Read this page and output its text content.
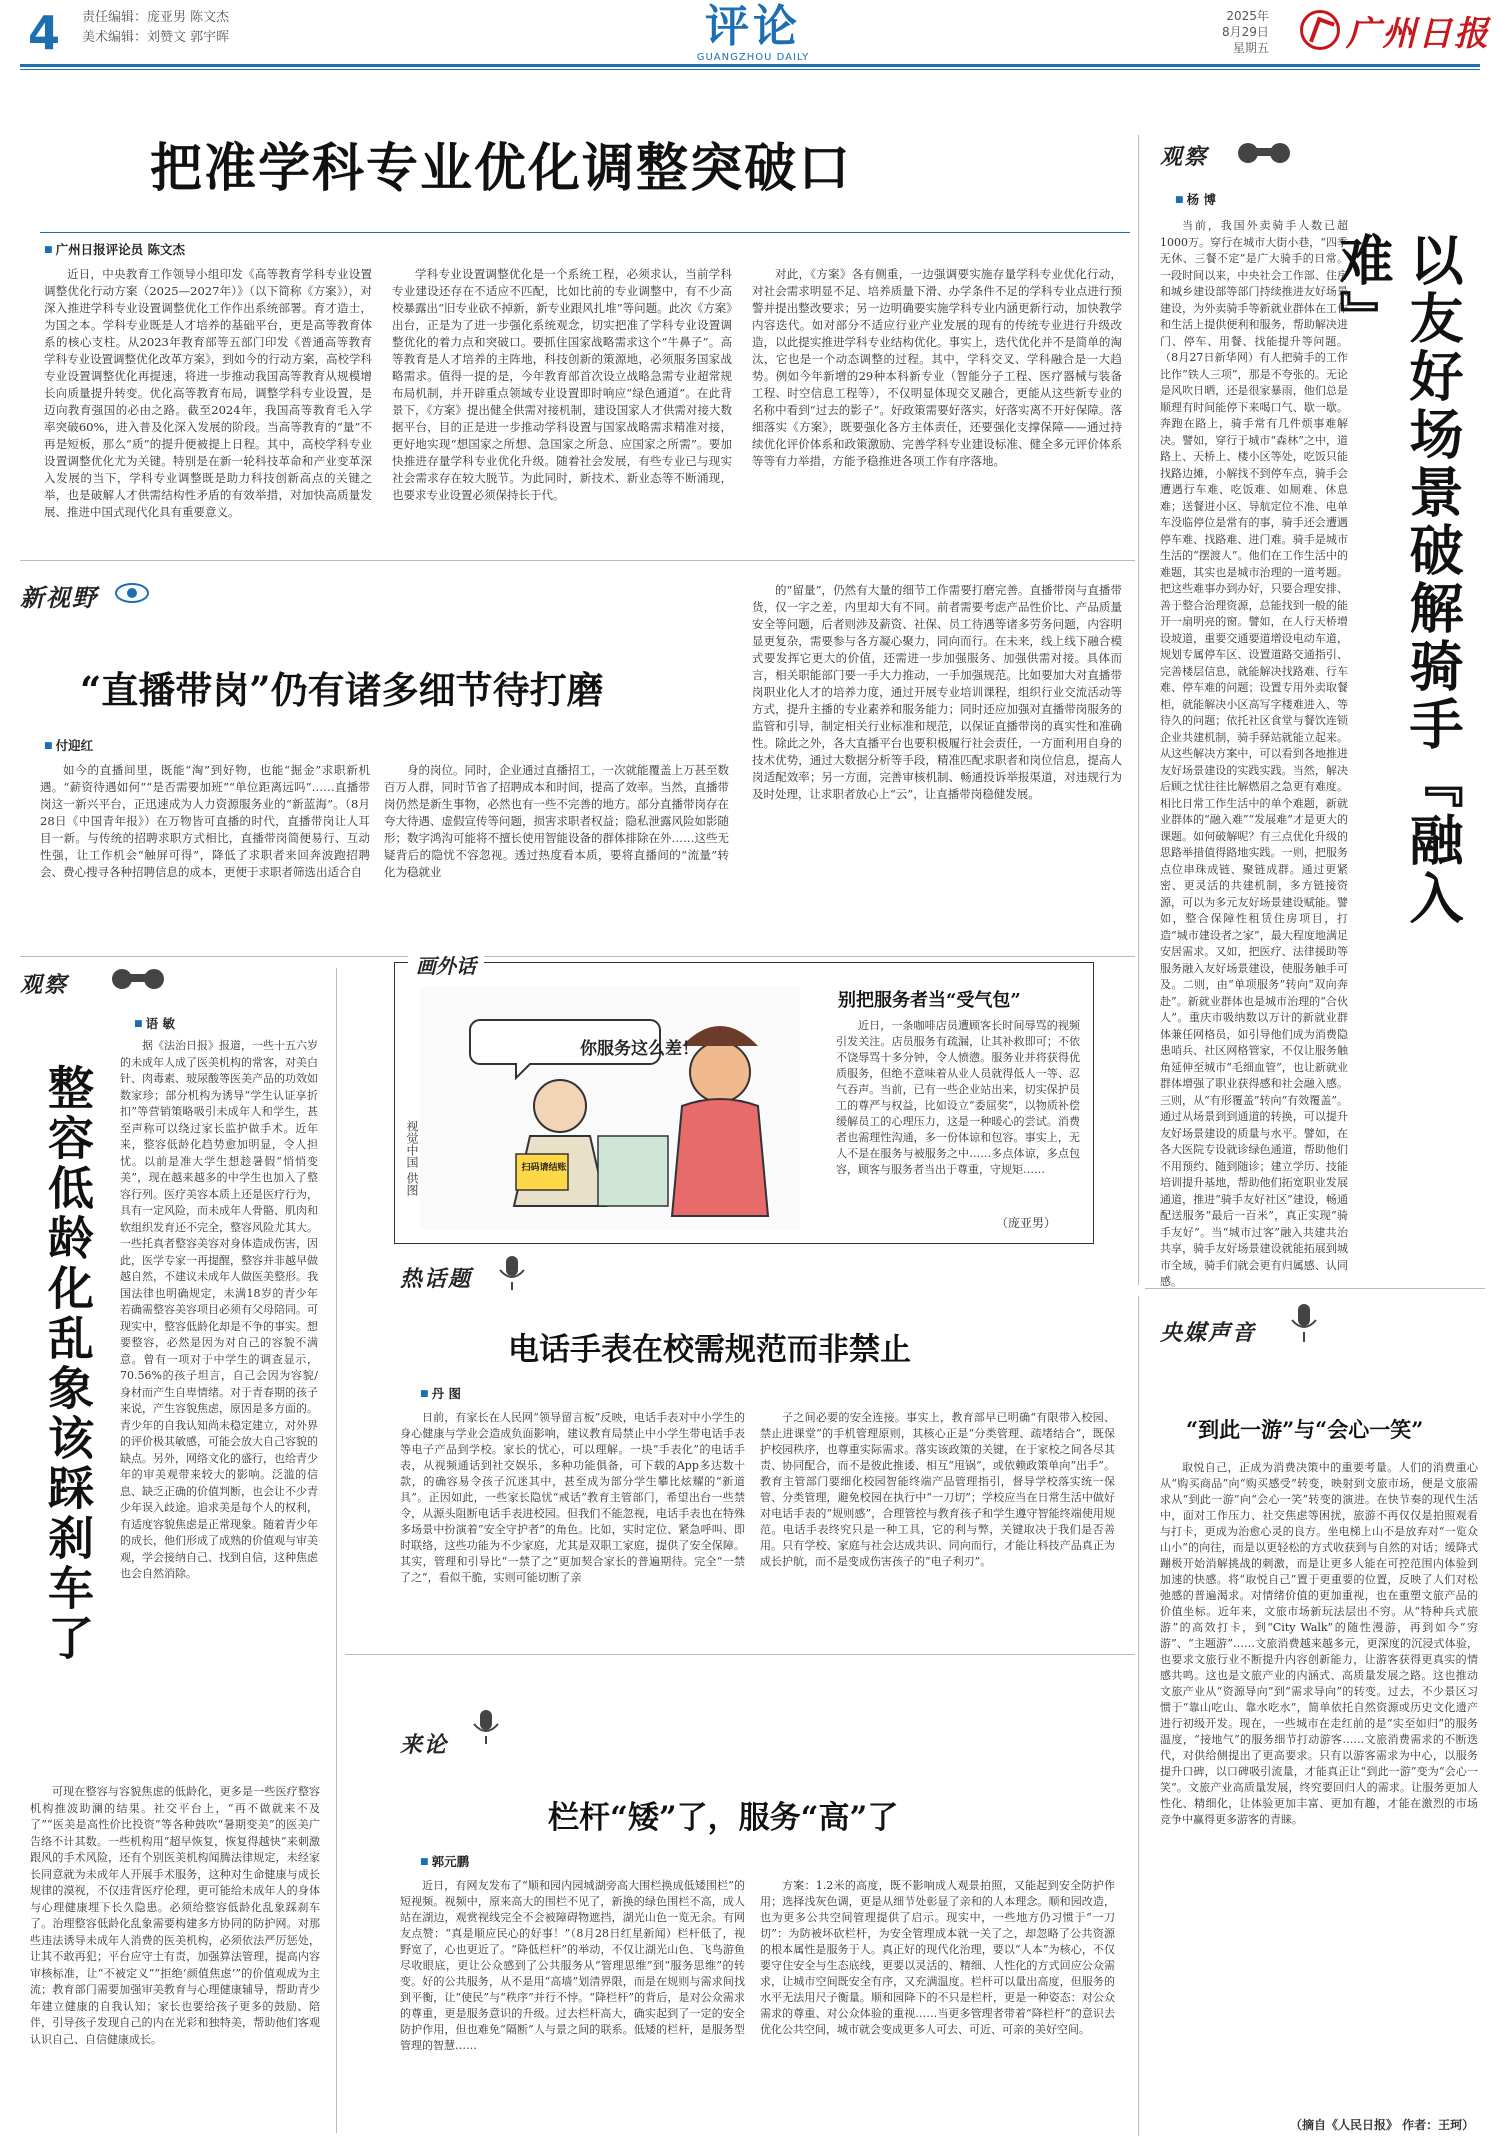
4 责任编辑：庞亚男 陈文杰
美术编辑：刘赞文 郭宇晖	评论
GUANGZHOU DAILY
2025年
8月29日
星期五 广州日报
把准学科专业优化调整突破口
■ 广州日报评论员 陈文杰
近日，中央教育工作领导小组印发《高等教育学科专业设置调整优化行动方案（2025—2027年）》（以下简称《方案》），对深入推进学科专业设置调整优化工作作出系统部署。育才造士，为国之本。学科专业既是人才培养的基础平台，更是高等教育体系的核心支柱。从2023年教育部等五部门印发《普通高等教育学科专业设置调整优化改革方案》，到如今的行动方案，高校学科专业设置调整优化再提速，将进一步推动我国高等教育从规模增长向质量提升转变。优化高等教育布局，调整学科专业设置，是迈向教育强国的必由之路。截至2024年，我国高等教育毛入学率突破60%，进入普及化深入发展的阶段。当高等教育的“量”不再是短板，那么“质”的提升便被提上日程。其中，高校学科专业设置调整优化尤为关键。特别是在新一轮科技革命和产业变革深入发展的当下，学科专业调整既是助力科技创新高点的关键之举，也是破解人才供需结构性矛盾的有效举措，对加快高质量发展、推进中国式现代化具有重要意义。
学科专业设置调整优化是一个系统工程，必须求认，当前学科专业建设还存在不适应不匹配，比如比前的专业调整中，有不少高校暴露出“旧专业砍不掉新，新专业跟风扎堆”等问题。此次《方案》出台，正是为了进一步强化系统观念，切实把准了学科专业设置调整优化的着力点和突破口。要抓住国家战略需求这个“牛鼻子”。高等教育是人才培养的主阵地，科技创新的策源地，必须服务国家战略需求。值得一提的是，今年教育部首次设立战略急需专业超常规布局机制，并开辟重点领域专业设置即时响应“绿色通道”。在此背景下，《方案》提出健全供需对接机制，建设国家人才供需对接大数据平台，目的正是进一步推动学科设置与国家战略需求精准对接，更好地实现“想国家之所想、急国家之所急、应国家之所需”。要加快推进存量学科专业优化升级。随着社会发展，有些专业已与现实社会需求存在较大脱节。为此同时，新技术、新业态等不断涌现，也要求专业设置必须保持长于代。
对此，《方案》各有侧重，一边强调要实施存量学科专业优化行动，对社会需求明显不足、培养质量下滑、办学条件不足的学科专业点进行预警并提出整改要求；另一边明确要实施学科专业内涵更新行动，加快教学内容迭代。如对部分不适应行业产业发展的现有的传统专业进行升级改造，以此提实推进学科专业结构优化。事实上，迭代优化并不是简单的淘汰，它也是一个动态调整的过程。其中，学科交叉、学科融合是一大趋势。例如今年新增的29种本科新专业（智能分子工程、医疗器械与装备工程、时空信息工程等），不仅明显体现交叉融合，更能从这些新专业的名称中看到“过去的影子”。好政策需要好落实，好落实离不开好保障。落细落实《方案》，既要强化各方主体责任，还要强化支撑保障——通过持续优化评价体系和政策激励、完善学科专业建设标准、健全多元评价体系等等有力举措，方能予稳推进各项工作有序落地。
新视野
“直播带岗”仍有诸多细节待打磨
■ 付迎红
如今的直播间里，既能“淘”到好物，也能“掘金”求职新机遇。“薪资待遇如何”“是否需要加班”“单位距离远吗”……直播带岗这一新兴平台，正迅速成为人力资源服务业的“新蓝海”。（8月28日《中国青年报》）在万物皆可直播的时代，直播带岗让人耳目一新。与传统的招聘求职方式相比，直播带岗简便易行、互动性强，让工作机会“触屏可得”，降低了求职者来回奔波跑招聘会、费心搜寻各种招聘信息的成本，更便于求职者筛选出适合自
身的岗位。同时，企业通过直播招工，一次就能覆盖上万甚至数百万人群，同时节省了招聘成本和时间，提高了效率。当然，直播带岗仍然是新生事物，必然也有一些不完善的地方。部分直播带岗存在夸大待遇、虚假宣传等问题，损害求职者权益；隐私泄露风险如影随形；数字鸿沟可能将不擅长使用智能设备的群体排除在外……这些无疑背后的隐忧不容忽视。透过热度看本质，要将直播间的“流量”转化为稳就业
的“留量”，仍然有大量的细节工作需要打磨完善。直播带岗与直播带货，仅一字之差，内里却大有不同。前者需要考虑产品性价比、产品质量安全等问题，后者则涉及薪资、社保、员工待遇等诸多劳务问题，内容明显更复杂，需要参与各方凝心聚力，同向而行。在未来，线上线下融合模式要发挥它更大的价值，还需进一步加强服务、加强供需对接。具体而言，相关职能部门要一手大力推动，一手加强规范。比如要加大对直播带岗职业化人才的培养力度，通过开展专业培训课程，组织行业交流活动等方式，提升主播的专业素养和服务能力；同时还应加强对直播带岗服务的监管和引导，制定相关行业标准和规范，以保证直播带岗的真实性和准确性。除此之外，各大直播平台也要积极履行社会责任，一方面利用自身的技术优势，通过大数据分析等手段，精准匹配求职者和岗位信息，提高人岗适配效率；另一方面，完善审核机制、畅通投诉举报渠道，对违规行为及时处理，让求职者放心上“云”，让直播带岗稳健发展。
观察
■ 杨 博
当前，我国外卖骑手人数已超1000万。穿行在城市大街小巷，“四季无休、三餐不定”是广大骑手的日常。一段时间以来，中央社会工作部、住房和城乡建设部等部门持续推进友好场景建设，为外卖骑手等新就业群体在工作和生活上提供便利和服务，帮助解决进门、停车、用餐、找能提升等问题。（8月27日新华网）有人把骑手的工作比作“铁人三项”，那是不夸张的。无论是风吹日晒，还是很家暴雨，他们总是顺理有时间能停下来喝口气、歇一歇。奔跑在路上，骑手常有几件烦事难解决。譬如，穿行于城市“森林”之中，道路上、天桥上、楼小区等处，吃饭只能找路边摊，小解找不到停车点，骑手会遭遇行车难、吃饭难、如厕难、休息难；送餐进小区、导航定位不准、电单车没临停位是常有的事，骑手还会遭遇停车难、找路难、进门难。骑手是城市生活的“摆渡人”。他们在工作生活中的难题，其实也是城市治理的一道考题。把这些难事办到办好，只要合理安排、善于整合治理资源，总能找到一般的能开一扇明亮的窗。譬如，在人行天桥增设坡道，重要交通要道增设电动车道，规划专属停车区、设置道路交通指引、完善楼层信息，就能解决找路难、行车难、停车难的问题；设置专用外卖取餐柜，就能解决小区高写字楼难进入、等待久的问题；依托社区食堂与餐饮连锁企业共建机制，骑手驿站就能立起来。从这些解决方案中，可以看到各地推进友好场景建设的实践实践。当然，解决后顾之忧往往比解燃眉之急更有难度。相比日常工作生活中的单个难题，新就业群体的“融入难”“发展难”才是更大的课题。如何破解呢？有三点优化升级的思路举措值得路地实践。一则，把服务点位串珠成链、聚链成群。通过更紧密、更灵活的共建机制，多方链接资源，可以为多元友好场景建设赋能。譬如，整合保障性租赁住房项目，打造“城市建设者之家”，最大程度地满足安居需求。又如，把医疗、法律援助等服务融入友好场景建设，使服务触手可及。二则，由“单项服务”转向“双向奔赴”。新就业群体也是城市治理的“合伙人”。重庆市吸纳数以万计的新就业群体兼任网格员，如引导他们成为消费隐患哨兵、社区网格管家，不仅让服务触角延伸至城市“毛细血管”，也让新就业群体增强了职业获得感和社会融入感。三则，从“有形覆盖”转向“有效覆盖”。通过从场景到到通道的转换，可以提升友好场景建设的质量与水平。譬如，在各大医院专设就诊绿色通道，帮助他们不用预约、随到随诊；建立学历、技能培训提升基地，帮助他们拓宽职业发展通道，推进“骑手友好社区”建设，畅通配送服务“最后一百米”，真正实现“骑手友好”。当“城市过客”融入共建共治共享，骑手友好场景建设就能拓展到城市全域，骑手们就会更有归属感、认同感。
以友好场景破解骑手『融入难』
观察
■ 语 敏
整容低龄化乱象该踩刹车了
据《法治日报》报道，一些十五六岁的未成年人成了医美机构的常客，对美白针、肉毒素、玻尿酸等医美产品的功效如数家珍；部分机构为诱导“学生认证享折扣”等营销策略吸引未成年人和学生，甚至声称可以绕过家长监护做手术。近年来，整容低龄化趋势愈加明显，令人担忧。以前是准大学生想趁暑假“悄悄变美”，现在越来越多的中学生也加入了整容行列。医疗美容本质上还是医疗行为，具有一定风险，而未成年人骨骼、肌肉和软组织发育还不完全，整容风险尤其大。一些托真者整容美容对身体造成伤害，因此，医学专家一再提醒，整容并非越早做越自然，不建议未成年人做医美整形。我国法律也明确规定，未满18岁的青少年若确需整容美容项目必须有父母陪同。可现实中，整容低龄化却是不争的事实。想要整容，必然是因为对自己的容貌不满意。曾有一项对于中学生的调查显示，70.56%的孩子坦言，自己会因为容貌/身材而产生自卑情绪。对于青春期的孩子来说，产生容貌焦虑，原因是多方面的。青少年的自我认知尚未稳定建立，对外界的评价极其敏感，可能会放大自己容貌的缺点。另外，网络文化的盛行，也给青少年的审美观带来较大的影响。泛滥的信息、缺乏正确的价值判断，也会让不少青少年误入歧途。追求美是每个人的权利，有适度容貌焦虑是正常现象。随着青少年的成长，他们形成了成熟的价值观与审美观，学会接纳自己、找到自信，这种焦虑也会自然消除。
可现在整容与容貌焦虑的低龄化，更多是一些医疗整容机构推波助澜的结果。社交平台上，“再不做就来不及了”“医美是高性价比投资”等各种鼓吹“暑期变美”的医美广告络不计其数。一些机构用“超早恢复，恢复得越快”来刺激跟风的手术风险，还有个别医美机构闻腾法律规定，未经家长同意就为未成年人开展手术服务，这种对生命健康与成长规律的漠视，不仅违背医疗伦理，更可能给未成年人的身体与心理健康埋下长久隐患。必须给整容低龄化乱象踩刹车了。治理整容低龄化乱象需要构建多方协同的防护网。对那些违法诱导未成年人消费的医美机构，必须依法严厉惩处，让其不敢再犯；平台应守土有责，加强算法管理，提高内容审核标准，让“不被定义”“拒绝‘颜值焦虑’”的价值观成为主流；教育部门需要加强审美教育与心理健康辅导，帮助青少年建立健康的自我认知；家长也要给孩子更多的鼓励、陪伴，引导孩子发现自己的内在光彩和独特美，帮助他们客观认识自己、自信健康成长。
画外话
你服务这么差！
扫码请结账
视觉中国 供图
别把服务者当“受气包”
近日，一条咖啡店员遭顾客长时间辱骂的视频引发关注。店员服务有疏漏，让其补救即可；不依不饶辱骂十多分钟，令人愤懑。服务业并将获得优质服务，但绝不意味着从业人员就得低人一等、忍气吞声。当前，已有一些企业站出来，切实保护员工的尊严与权益，比如设立“委屈奖”，以物质补偿缓解员工的心理压力，这是一种暖心的尝试。消费者也需理性沟通，多一份体谅和包容。事实上，无人不是在服务与被服务之中……多点体谅，多点包容，顾客与服务者当出于尊重，守规矩……
（庞亚男）
热话题
电话手表在校需规范而非禁止
■ 丹 图
日前，有家长在人民网“领导留言板”反映，电话手表对中小学生的身心健康与学业会造成负面影响，建议教育局禁止中小学生带电话手表等电子产品到学校。家长的忧心，可以理解。一块“手表化”的电话手表，从视频通话到社交娱乐，多种功能俱备，可下载的App多达数十款，的确容易令孩子沉迷其中，甚至成为部分学生攀比炫耀的“新道具”。正因如此，一些家长隐忧“戒话”教育主管部门，希望出台一些禁令，从源头阻断电话手表进校园。但我们不能忽视，电话手表也在特殊多场景中扮演着“安全守护者”的角色。比如，实时定位、紧急呼叫、即时联络，这些功能为不少家庭，尤其是双职工家庭，提供了安全保障。其实，管理和引导比“一禁了之”更加契合家长的普遍期待。完全“一禁了之”，看似干脆，实则可能切断了亲
子之间必要的安全连接。事实上，教育部早已明确“有限带入校园、禁止进课堂”的手机管理原则，其核心正是“分类管理、疏堵结合”，既保护校园秩序，也尊重实际需求。落实该政策的关键，在于家校之间各尽其责、协同配合，而不是彼此推诿、相互“甩锅”，或依赖政策单向“出手”。教育主管部门要细化校园智能终端产品管理指引，督导学校落实统一保管、分类管理，避免校园在执行中“一刀切”；学校应当在日常生活中做好对电话手表的“规则感”，合理管控与教育孩子和学生遵守智能终端使用规范。电话手表终究只是一种工具，它的利与弊，关键取决于我们是否善用。只有学校、家庭与社会达成共识、同向而行，才能让科技产品真正为成长护航，而不是变成伤害孩子的“电子利刃”。
来论
栏杆“矮”了，服务“高”了
■ 郭元鹏
近日，有网友发布了“顺和园内园城湖旁高大围栏换成低矮围栏”的短视频。视频中，原来高大的围栏不见了，新换的绿色围栏不高，成人站在湖边，观赏视线完全不会被障碍物遮挡，湖光山色一览无余。有网友点赞：“真是顺应民心的好事！”（8月28日红星新闻）栏杆低了，视野宽了，心也更近了。“降低栏杆”的举动，不仅让湖光山色、飞鸟游鱼尽收眼底，更让公众感到了公共服务从“管理思维”到“服务思维”的转变。好的公共服务，从不是用“高墙”划清界限，而是在规则与需求间找到平衡，让“使民”与“秩序”并行不悖。“降栏杆”的背后，是对公众需求的尊重，更是服务意识的升级。过去栏杆高大，确实起到了一定的安全防护作用，但也难免“隔断”人与景之间的联系。低矮的栏杆，是服务型管理的智慧……
方案：1.2米的高度，既不影响成人观景拍照，又能起到安全防护作用；选择浅灰色调，更是从细节处彰显了亲和的人本理念。顺和园改造，也为更多公共空间管理提供了启示。现实中，一些地方仍习惯于“一刀切”：为防被坏砍栏杆，为安全管理成本就一关了之，却忽略了公共资源的根本属性是服务于人。真正好的现代化治理，要以“人本”为核心，不仅要守住安全与生态底线，更要以灵活的、精细、人性化的方式回应公众需求，让城市空间既安全有序，又充满温度。栏杆可以量出高度，但服务的水平无法用尺子衡量。顺和园降下的不只是栏杆，更是一种姿态：对公众需求的尊重、对公众体验的重视……当更多管理者带着“降栏杆”的意识去优化公共空间，城市就会变成更多人可去、可近、可亲的美好空间。
央媒声音
“到此一游”与“会心一笑”
取悦自己，正成为消费决策中的重要考量。人们的消费重心从“购买商品”向“购买感受”转变，映射到文旅市场，便是文旅需求从“到此一游”向“会心一笑”转变的演进。在快节奏的现代生活中，面对工作压力、社交焦虑等困扰，旅游不再仅仅是拍照观看与打卡，更成为治愈心灵的良方。坐电梯上山不是放弃对“一览众山小”的向往，而是以更轻松的方式收获到与自然的对话；缓降式蹦极开始消解挑战的刺激，而是让更多人能在可控范围内体验到加速的快感。将“取悦自己”置于更重要的位置，反映了人们对松弛感的普遍渴求。对情绪价值的更加重视，也在重塑文旅产品的价值坐标。近年来，文旅市场新玩法层出不穷。从“特种兵式旅游”的高效打卡，到“City Walk”的随性漫游，再到如今“穷游”、“主题游”……文旅消费越来越多元，更深度的沉浸式体验，也要求文旅行业不断提升内容创新能力，让游客获得更真实的情感共鸣。这也是文旅产业的内涵式、高质量发展之路。这也推动文旅产业从“资源导向”到“需求导向”的转变。过去，不少景区习惯于“靠山吃山、靠水吃水”，简单依托自然资源或历史文化遗产进行初级开发。现在，一些城市在走红前的是“实至如归”的服务温度，“接地气”的服务细节打动游客……文旅消费需求的不断迭代，对供给侧提出了更高要求。只有以游客需求为中心，以服务提升口碑，以口碑吸引流量，才能真正让“到此一游”变为“会心一笑”。文旅产业高质量发展，终究要回归人的需求。让服务更加人性化、精细化，让体验更加丰富、更加有趣，才能在激烈的市场竞争中赢得更多游客的青睐。
（摘自《人民日报》 作者：王珂）
